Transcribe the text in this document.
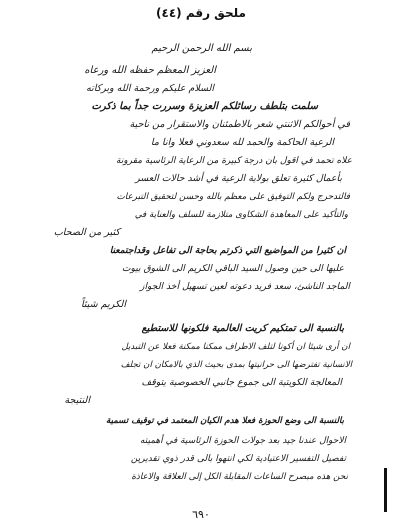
ملحق رقم (٤٤)
بسم الله الرحمن الرحيم
العزيز المعظم حفظه الله ورعاه
السلام عليكم ورحمة الله وبركاته
سلمت بتلطف رسائلكم العزيزة وسررت جداً بما ذكرت
في أحوالكم الاثنتي شعر بالاطمئنان والاستقرار من ناحية
الرعية الحاكمة والحمد لله سعدوني فعلا وانا ما
علاه تحمد في اقول بان درجة كبيرة من الرعاية الرئاسية مقرونة
بأعمال كثيرة تعلق بولاية الرعية في أشد حالات العسر
فالتدحرج ولكم التوفيق على معظم بالله وحسن لتحقيق التبرعات
والتأكيد على المعاهدة الشكاوى متلازمة للسلف والعناية في
كثير من الصحاب
ان كثيرا من المواضيع التي ذكرتم بحاجة الى تفاعل وقداجتمعنا
عليها الى حين وصول السيد الباقي الكريم الى الشوق بيوت
الماجد الناشئ، سعد فريد دعوته لعين تسهيل أخذ الجواز
الكريم شيئاً
بالنسبة الى تمتكيم كريت العالمية فلكونها للاستطيع
ان أرى شيئا ان أكونا لتلف الاطراف ممكنا ممكنة فعلا عن التبديل
الانسانية تفترضها الى حرانيتها بمدى بحيث الذي بالامكان ان تجلف
المعالجة الكويتية الى جموع جانبي الخصوصية يتوقف
النتيجة
بالنسبة الى وضع الحوزة فعلا هدم الكيان المعتمد في توقيف تسمية
الاحوال عندنا جيد بعد جولات الحوزة الرئاسية في أهميته
تفصيل التفسير الاعتيادية لكي انتهوا بالى قدر ذوي تقديرين
نحن هذه مبصرح الساعات المقابلة الكل إلى العلاقة والاعاذة
٦٩٠
